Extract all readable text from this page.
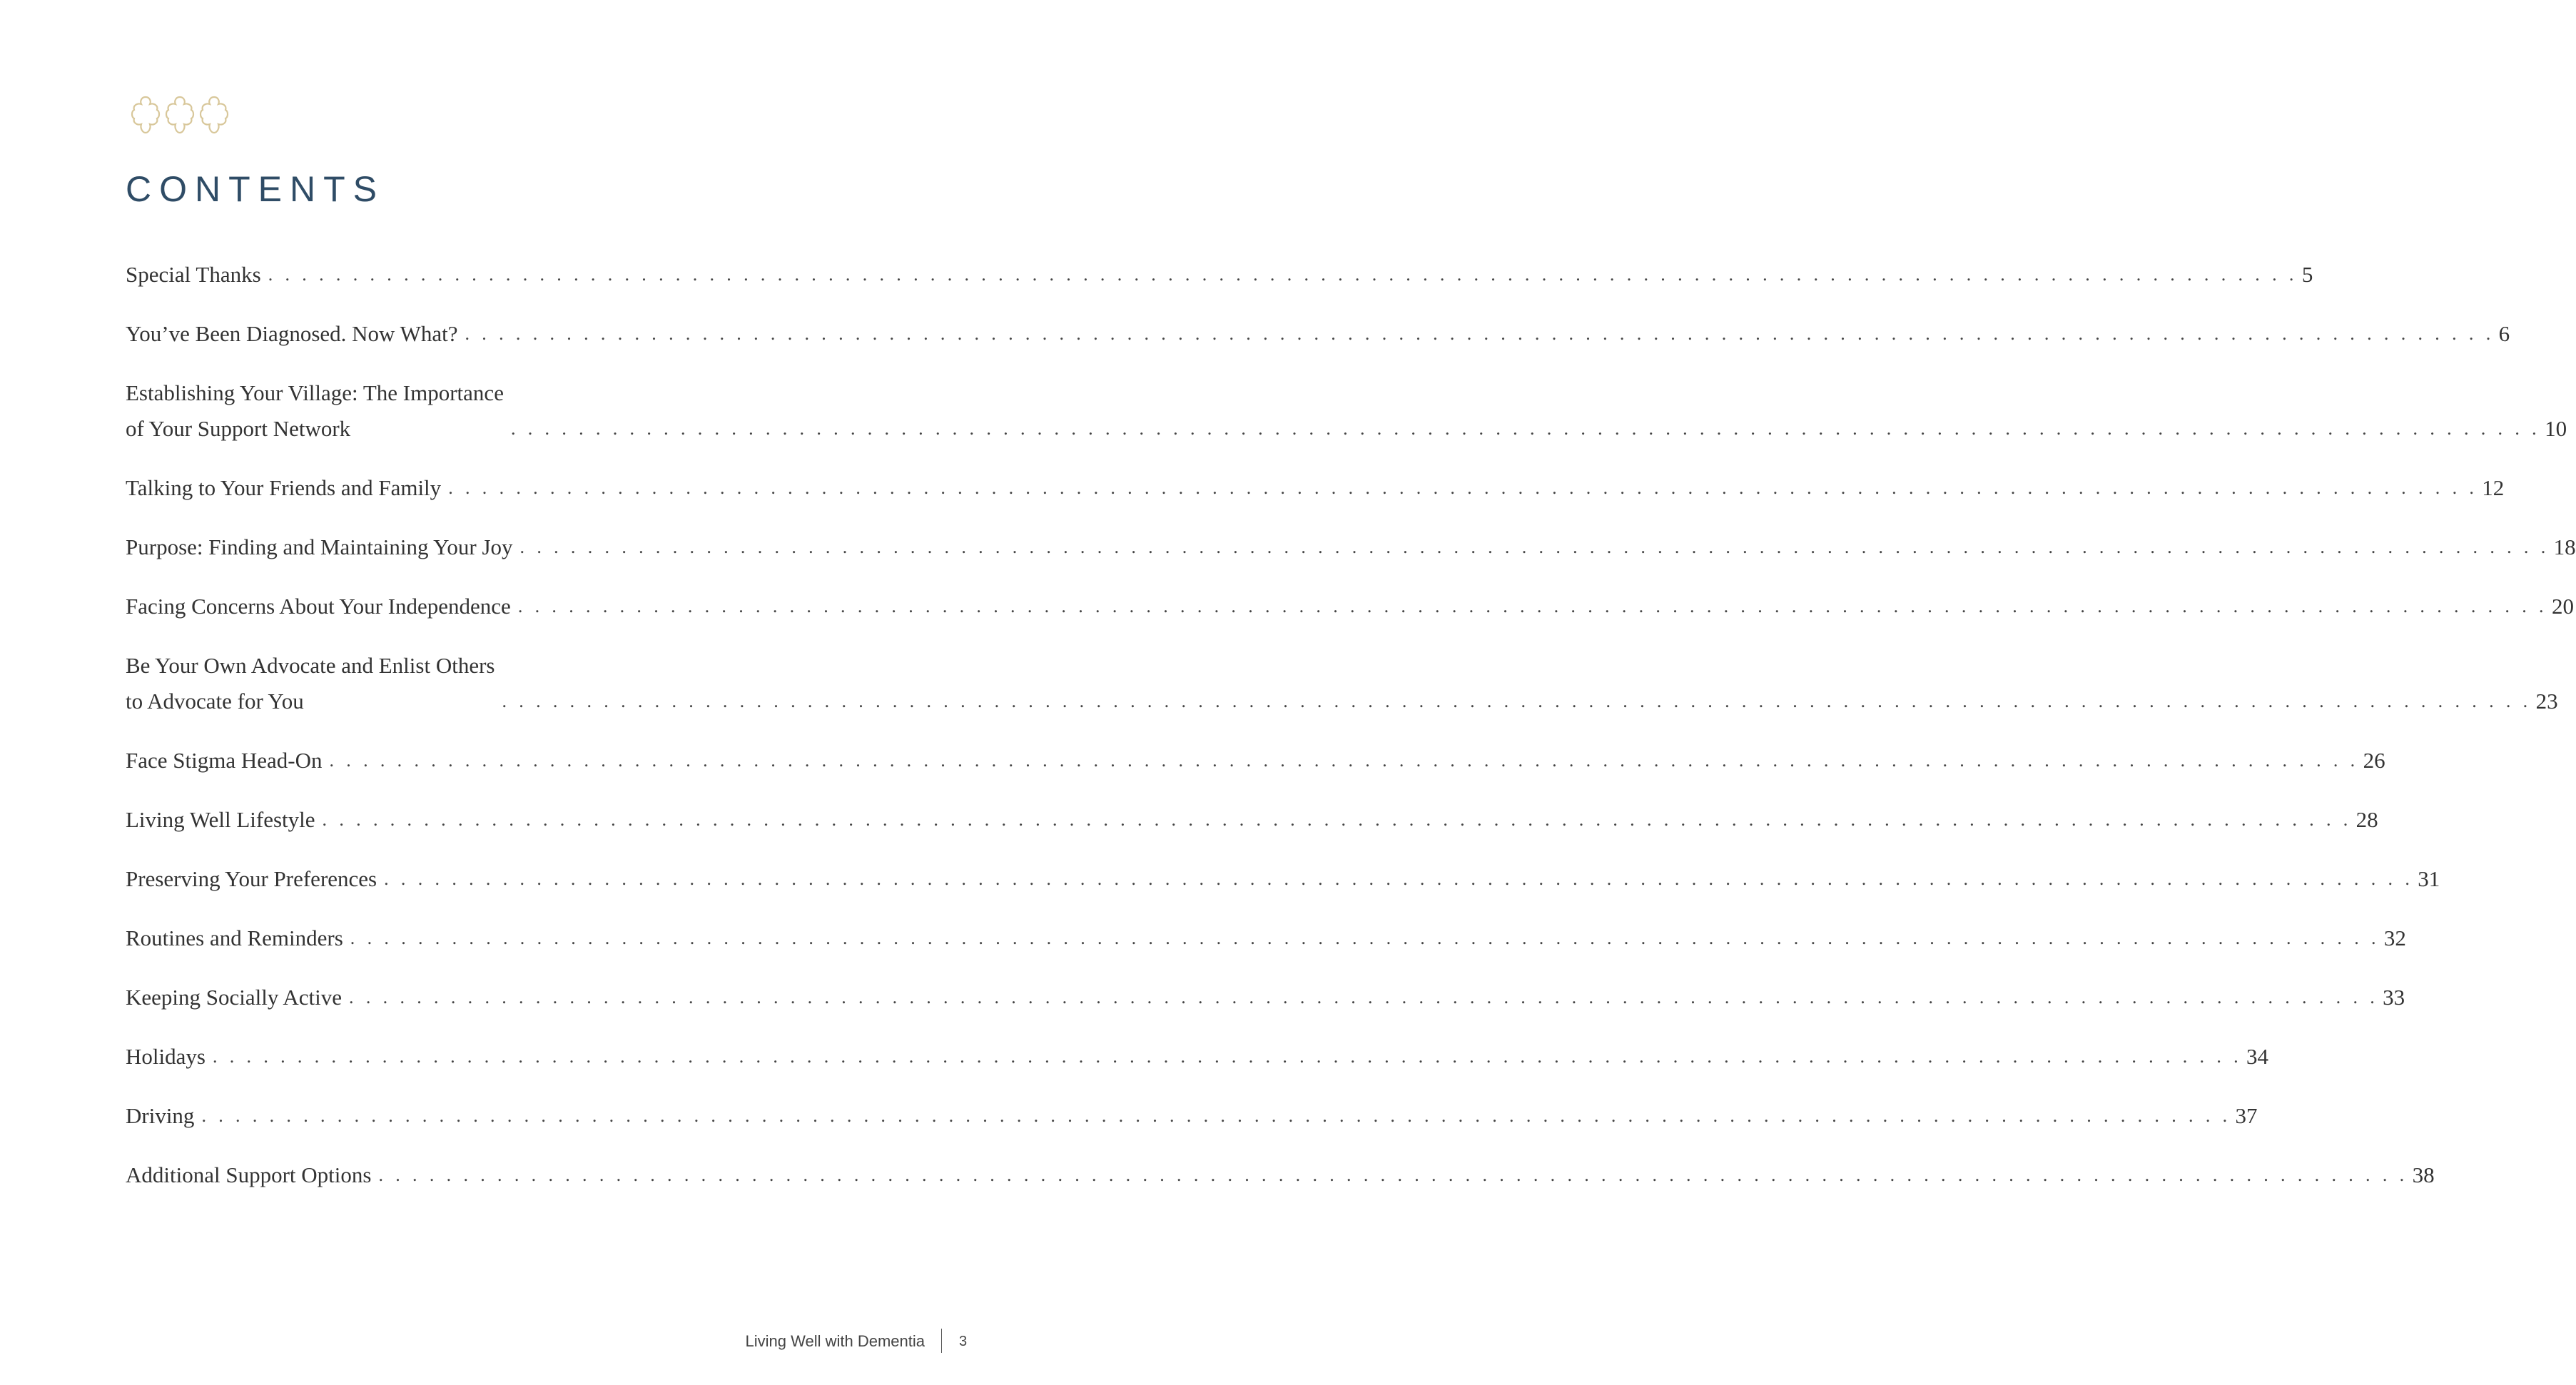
CONTENTS
Special Thanks . . . . . . . . . . . . . . . . . . . . . . . . . . . . . . . . . . . . . . . . . . . . . . . . . . . . . . . . . . . . . . . . . . . . . . . . . . . . . . . . . . . . . . . . . . . . . . . . . . . . . . . . . . . . . . . . . . . . . . . . 5
You’ve Been Diagnosed. Now What? . . . . . . . . . . . . . . . . . . . . . . . . . . . . . . . . . . . . . . . . . . . . . . . . . . . . . . . . . . . . . . . . . . . . . . . . . . . . . . . . . . . . . . . . . . . . . . . . . . . . . . . . . . . . . . . . . . . . . . . . 6
Establishing Your Village: The Importance
of Your Support Network	. . . . . . . . . . . . . . . . . . . . . . . . . . . . . . . . . . . . . . . . . . . . . . . . . . . . . . . . . . . . . . . . . . . . . . . . . . . . . . . . . . . . . . . . . . . . . . . . . . . . . . . . . . . . . . . . . . . . . . . . 10
Talking to Your Friends and Family . . . . . . . . . . . . . . . . . . . . . . . . . . . . . . . . . . . . . . . . . . . . . . . . . . . . . . . . . . . . . . . . . . . . . . . . . . . . . . . . . . . . . . . . . . . . . . . . . . . . . . . . . . . . . . . . . . . . . . . . 12
Purpose: Finding and Maintaining Your Joy . . . . . . . . . . . . . . . . . . . . . . . . . . . . . . . . . . . . . . . . . . . . . . . . . . . . . . . . . . . . . . . . . . . . . . . . . . . . . . . . . . . . . . . . . . . . . . . . . . . . . . . . . . . . . . . . . . . . . . . . 18
Facing Concerns About Your Independence . . . . . . . . . . . . . . . . . . . . . . . . . . . . . . . . . . . . . . . . . . . . . . . . . . . . . . . . . . . . . . . . . . . . . . . . . . . . . . . . . . . . . . . . . . . . . . . . . . . . . . . . . . . . . . . . . . . . . . . . 20
Be Your Own Advocate and Enlist Others
to Advocate for You	. . . . . . . . . . . . . . . . . . . . . . . . . . . . . . . . . . . . . . . . . . . . . . . . . . . . . . . . . . . . . . . . . . . . . . . . . . . . . . . . . . . . . . . . . . . . . . . . . . . . . . . . . . . . . . . . . . . . . . . . 23
Face Stigma Head-On . . . . . . . . . . . . . . . . . . . . . . . . . . . . . . . . . . . . . . . . . . . . . . . . . . . . . . . . . . . . . . . . . . . . . . . . . . . . . . . . . . . . . . . . . . . . . . . . . . . . . . . . . . . . . . . . . . . . . . . . 26
Living Well Lifestyle . . . . . . . . . . . . . . . . . . . . . . . . . . . . . . . . . . . . . . . . . . . . . . . . . . . . . . . . . . . . . . . . . . . . . . . . . . . . . . . . . . . . . . . . . . . . . . . . . . . . . . . . . . . . . . . . . . . . . . . . 28
Preserving Your Preferences . . . . . . . . . . . . . . . . . . . . . . . . . . . . . . . . . . . . . . . . . . . . . . . . . . . . . . . . . . . . . . . . . . . . . . . . . . . . . . . . . . . . . . . . . . . . . . . . . . . . . . . . . . . . . . . . . . . . . . . . 31
Routines and Reminders . . . . . . . . . . . . . . . . . . . . . . . . . . . . . . . . . . . . . . . . . . . . . . . . . . . . . . . . . . . . . . . . . . . . . . . . . . . . . . . . . . . . . . . . . . . . . . . . . . . . . . . . . . . . . . . . . . . . . . . . 32
Keeping Socially Active . . . . . . . . . . . . . . . . . . . . . . . . . . . . . . . . . . . . . . . . . . . . . . . . . . . . . . . . . . . . . . . . . . . . . . . . . . . . . . . . . . . . . . . . . . . . . . . . . . . . . . . . . . . . . . . . . . . . . . . . 33
Holidays . . . . . . . . . . . . . . . . . . . . . . . . . . . . . . . . . . . . . . . . . . . . . . . . . . . . . . . . . . . . . . . . . . . . . . . . . . . . . . . . . . . . . . . . . . . . . . . . . . . . . . . . . . . . . . . . . . . . . . . . 34
Driving . . . . . . . . . . . . . . . . . . . . . . . . . . . . . . . . . . . . . . . . . . . . . . . . . . . . . . . . . . . . . . . . . . . . . . . . . . . . . . . . . . . . . . . . . . . . . . . . . . . . . . . . . . . . . . . . . . . . . . . . 37
Additional Support Options . . . . . . . . . . . . . . . . . . . . . . . . . . . . . . . . . . . . . . . . . . . . . . . . . . . . . . . . . . . . . . . . . . . . . . . . . . . . . . . . . . . . . . . . . . . . . . . . . . . . . . . . . . . . . . . . . . . . . . . . 38
Living Well with Dementia 3
